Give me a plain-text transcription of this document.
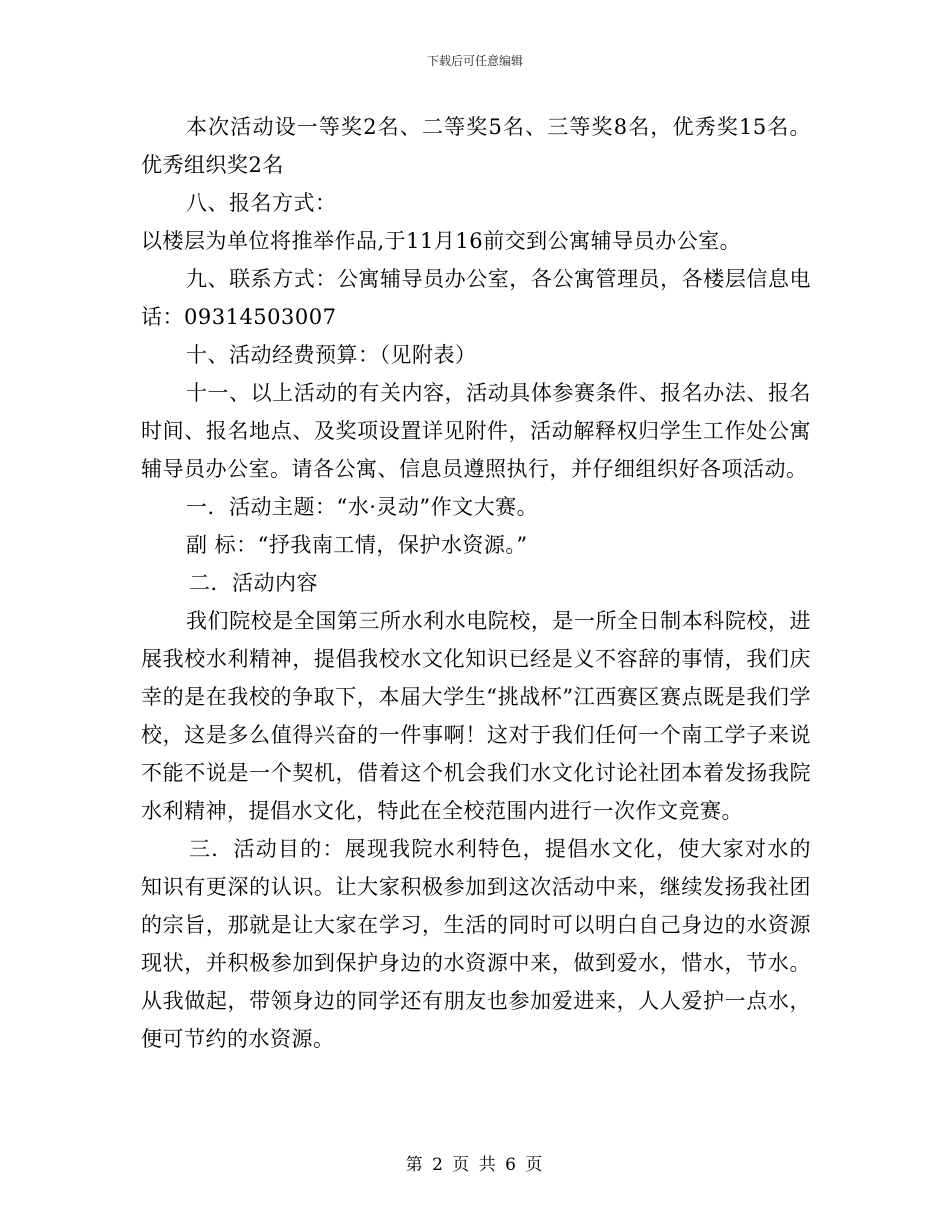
下载后可任意编辑

本次活动设一等奖2名、二等奖5名、三等奖8名，优秀奖15名。优秀组织奖2名

八、报名方式：

以楼层为单位将推举作品,于11月16前交到公寓辅导员办公室。

九、联系方式：公寓辅导员办公室，各公寓管理员，各楼层信息电话：09314503007

十、活动经费预算：（见附表）

十一、以上活动的有关内容，活动具体参赛条件、报名办法、报名时间、报名地点、及奖项设置详见附件，活动解释权归学生工作处公寓辅导员办公室。请各公寓、信息员遵照执行，并仔细组织好各项活动。

一．活动主题：“水·灵动”作文大赛。

副 标：“抒我南工情，保护水资源。”

二．活动内容

我们院校是全国第三所水利水电院校，是一所全日制本科院校，进展我校水利精神，提倡我校水文化知识已经是义不容辞的事情，我们庆幸的是在我校的争取下，本届大学生“挑战杯”江西赛区赛点既是我们学校，这是多么值得兴奋的一件事啊！这对于我们任何一个南工学子来说不能不说是一个契机，借着这个机会我们水文化讨论社团本着发扬我院水利精神，提倡水文化，特此在全校范围内进行一次作文竞赛。

三．活动目的：展现我院水利特色，提倡水文化，使大家对水的知识有更深的认识。让大家积极参加到这次活动中来，继续发扬我社团的宗旨，那就是让大家在学习，生活的同时可以明白自己身边的水资源现状，并积极参加到保护身边的水资源中来，做到爱水，惜水，节水。从我做起，带领身边的同学还有朋友也参加爱进来，人人爱护一点水，便可节约的水资源。

第 2 页 共 6 页
